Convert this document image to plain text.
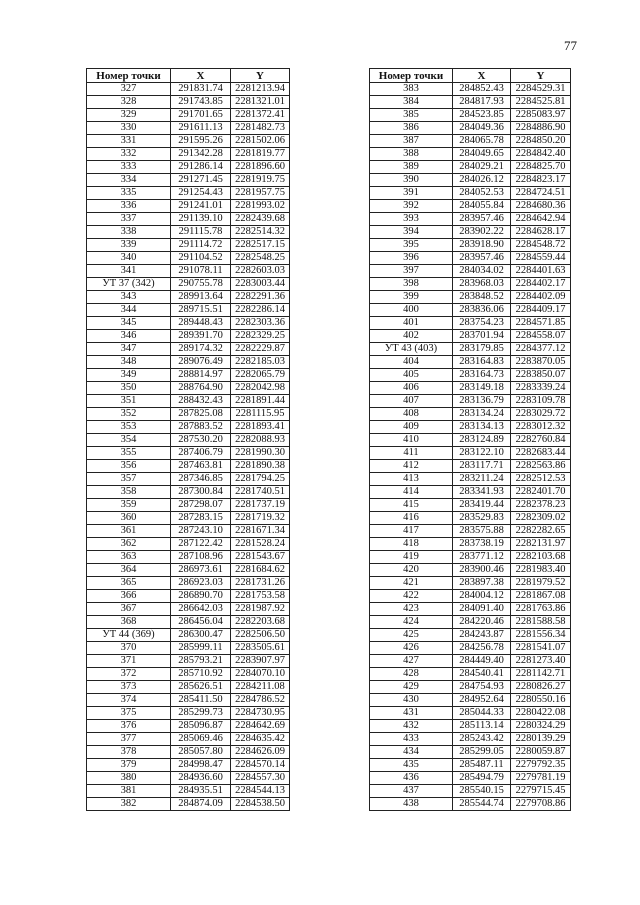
77
Номер точки	X	Y
327	291831.74	2281213.94
328	291743.85	2281321.01
329	291701.65	2281372.41
330	291611.13	2281482.73
331	291595.26	2281502.06
332	291342.28	2281819.77
333	291286.14	2281896.60
334	291271.45	2281919.75
335	291254.43	2281957.75
336	291241.01	2281993.02
337	291139.10	2282439.68
338	291115.78	2282514.32
339	291114.72	2282517.15
340	291104.52	2282548.25
341	291078.11	2282603.03
УТ 37 (342)	290755.78	2283003.44
343	289913.64	2282291.36
344	289715.51	2282286.14
345	289448.43	2282303.36
346	289391.70	2282329.25
347	289174.32	2282229.87
348	289076.49	2282185.03
349	288814.97	2282065.79
350	288764.90	2282042.98
351	288432.43	2281891.44
352	287825.08	2281115.95
353	287883.52	2281893.41
354	287530.20	2282088.93
355	287406.79	2281990.30
356	287463.81	2281890.38
357	287346.85	2281794.25
358	287300.84	2281740.51
359	287298.07	2281737.19
360	287283.15	2281719.32
361	287243.10	2281671.34
362	287122.42	2281528.24
363	287108.96	2281543.67
364	286973.61	2281684.62
365	286923.03	2281731.26
366	286890.70	2281753.58
367	286642.03	2281987.92
368	286456.04	2282203.68
УТ 44 (369)	286300.47	2282506.50
370	285999.11	2283505.61
371	285793.21	2283907.97
372	285710.92	2284070.10
373	285626.51	2284211.08
374	285411.50	2284786.52
375	285299.73	2284730.95
376	285096.87	2284642.69
377	285069.46	2284635.42
378	285057.80	2284626.09
379	284998.47	2284570.14
380	284936.60	2284557.30
381	284935.51	2284544.13
382	284874.09	2284538.50
Номер точки	X	Y
383	284852.43	2284529.31
384	284817.93	2284525.81
385	284523.85	2285083.97
386	284049.36	2284886.90
387	284065.78	2284850.20
388	284049.65	2284842.40
389	284029.21	2284825.70
390	284026.12	2284823.17
391	284052.53	2284724.51
392	284055.84	2284680.36
393	283957.46	2284642.94
394	283902.22	2284628.17
395	283918.90	2284548.72
396	283957.46	2284559.44
397	284034.02	2284401.63
398	283968.03	2284402.17
399	283848.52	2284402.09
400	283836.06	2284409.17
401	283754.23	2284571.85
402	283701.94	2284558.07
УТ 43 (403)	283179.85	2284377.12
404	283164.83	2283870.05
405	283164.73	2283850.07
406	283149.18	2283339.24
407	283136.79	2283109.78
408	283134.24	2283029.72
409	283134.13	2283012.32
410	283124.89	2282760.84
411	283122.10	2282683.44
412	283117.71	2282563.86
413	283211.24	2282512.53
414	283341.93	2282401.70
415	283419.44	2282378.23
416	283529.83	2282309.02
417	283575.88	2282282.65
418	283738.19	2282131.97
419	283771.12	2282103.68
420	283900.46	2281983.40
421	283897.38	2281979.52
422	284004.12	2281867.08
423	284091.40	2281763.86
424	284220.46	2281588.58
425	284243.87	2281556.34
426	284256.78	2281541.07
427	284449.40	2281273.40
428	284540.41	2281142.71
429	284754.93	2280826.27
430	284952.64	2280550.16
431	285044.33	2280422.08
432	285113.14	2280324.29
433	285243.42	2280139.29
434	285299.05	2280059.87
435	285487.11	2279792.35
436	285494.79	2279781.19
437	285540.15	2279715.45
438	285544.74	2279708.86
